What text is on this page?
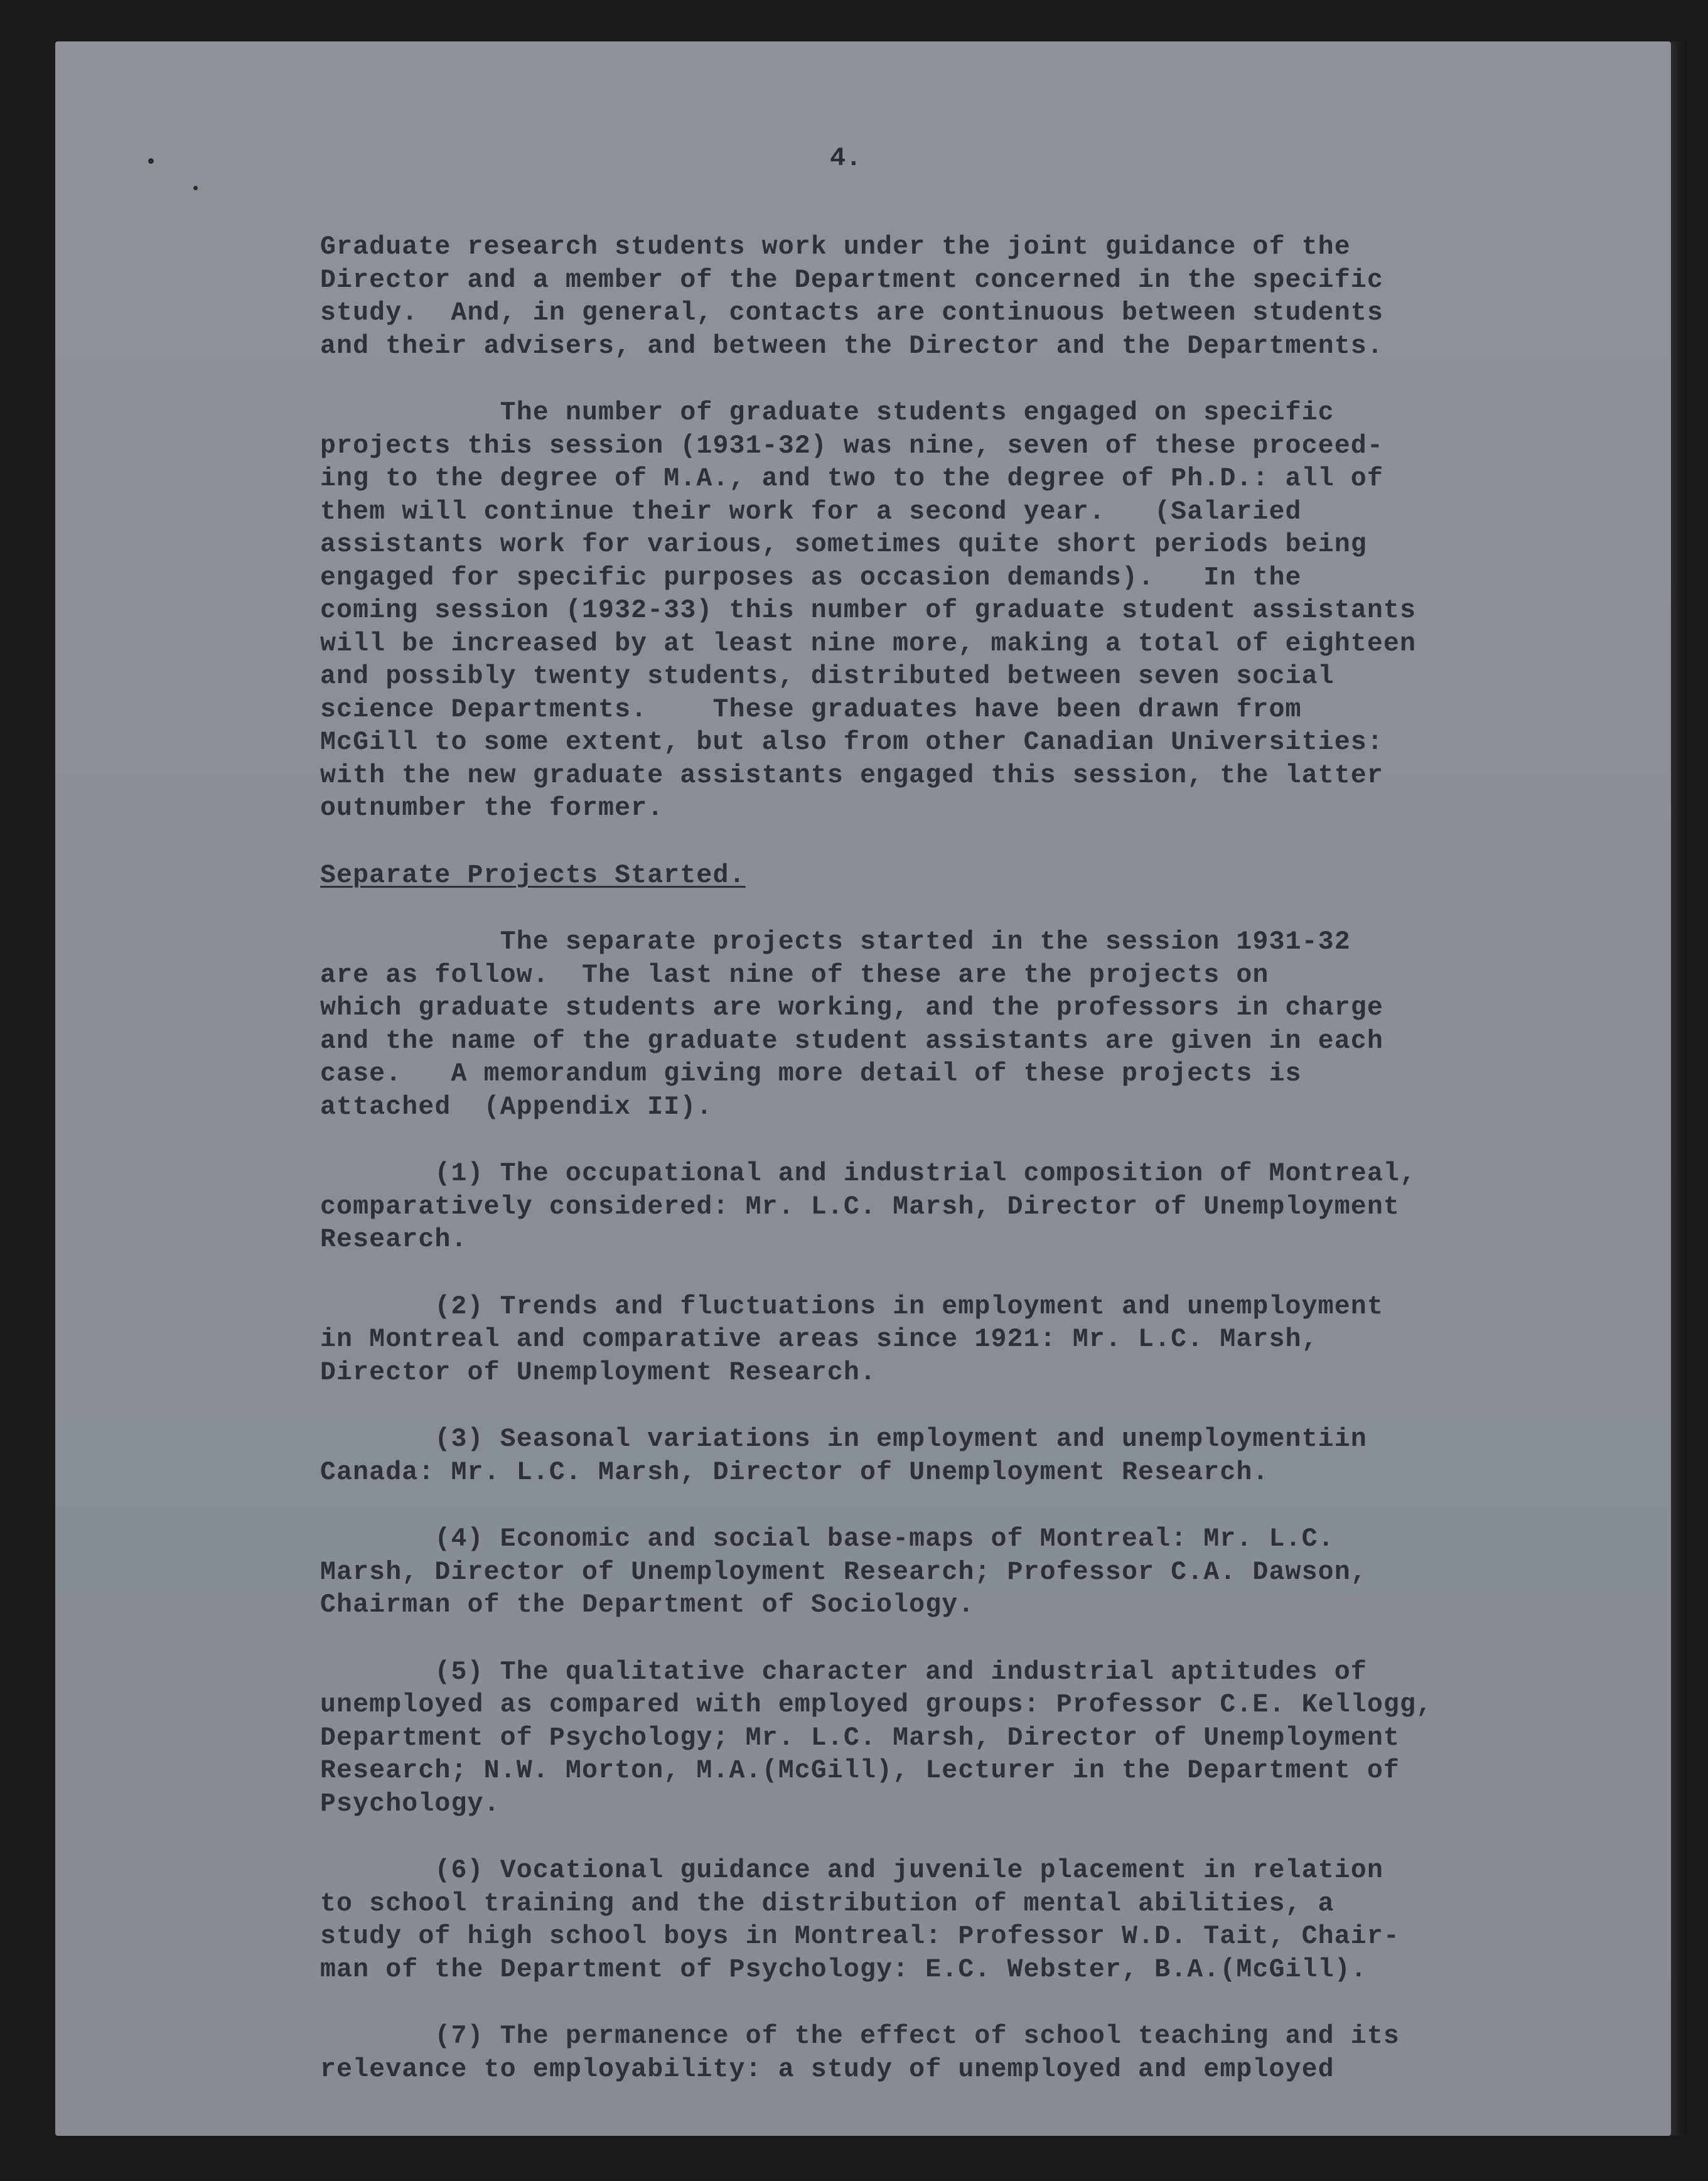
4.
Graduate research students work under the joint guidance of the
Director and a member of the Department concerned in the specific
study.  And, in general, contacts are continuous between students
and their advisers, and between the Director and the Departments.
The number of graduate students engaged on specific
projects this session (1931-32) was nine, seven of these proceed-
ing to the degree of M.A., and two to the degree of Ph.D.: all of
them will continue their work for a second year.   (Salaried
assistants work for various, sometimes quite short periods being
engaged for specific purposes as occasion demands).   In the
coming session (1932-33) this number of graduate student assistants
will be increased by at least nine more, making a total of eighteen
and possibly twenty students, distributed between seven social
science Departments.    These graduates have been drawn from
McGill to some extent, but also from other Canadian Universities:
with the new graduate assistants engaged this session, the latter
outnumber the former.
Separate Projects Started.
The separate projects started in the session 1931-32
are as follow.  The last nine of these are the projects on
which graduate students are working, and the professors in charge
and the name of the graduate student assistants are given in each
case.   A memorandum giving more detail of these projects is
attached  (Appendix II).
(1) The occupational and industrial composition of Montreal,
comparatively considered: Mr. L.C. Marsh, Director of Unemployment
Research.
(2) Trends and fluctuations in employment and unemployment
in Montreal and comparative areas since 1921: Mr. L.C. Marsh,
Director of Unemployment Research.
(3) Seasonal variations in employment and unemploymentiin
Canada: Mr. L.C. Marsh, Director of Unemployment Research.
(4) Economic and social base-maps of Montreal: Mr. L.C.
Marsh, Director of Unemployment Research; Professor C.A. Dawson,
Chairman of the Department of Sociology.
(5) The qualitative character and industrial aptitudes of
unemployed as compared with employed groups: Professor C.E. Kellogg,
Department of Psychology; Mr. L.C. Marsh, Director of Unemployment
Research; N.W. Morton, M.A.(McGill), Lecturer in the Department of
Psychology.
(6) Vocational guidance and juvenile placement in relation
to school training and the distribution of mental abilities, a
study of high school boys in Montreal: Professor W.D. Tait, Chair-
man of the Department of Psychology: E.C. Webster, B.A.(McGill).
(7) The permanence of the effect of school teaching and its
relevance to employability: a study of unemployed and employed
